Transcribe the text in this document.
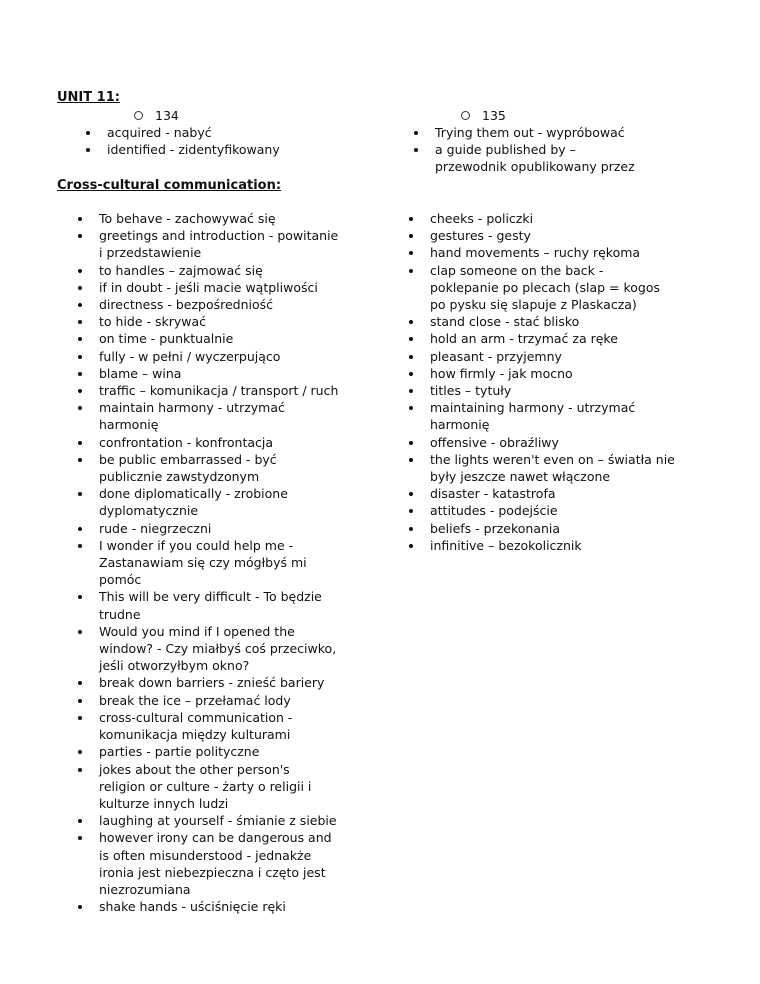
UNIT 11:
134
acquired - nabyć
identified - zidentyfikowany
135
Trying them out - wypróbować
a guide published by – przewodnik opublikowany przez
Cross-cultural communication:
To behave - zachowywać się
greetings and introduction - powitanie i przedstawienie
to handles – zajmować się
if in doubt - jeśli macie wątpliwości
directness - bezpośredniość
to hide - skrywać
on time - punktualnie
fully - w pełni / wyczerpująco
blame – wina
traffic – komunikacja / transport / ruch
maintain harmony - utrzymać harmonię
confrontation - konfrontacja
be public embarrassed - być publicznie zawstydzonym
done diplomatically - zrobione dyplomatycznie
rude - niegrzeczni
I wonder if you could help me - Zastanawiam się czy mógłbyś mi pomóc
This will be very difficult - To będzie trudne
Would you mind if I opened the window? - Czy miałbyś coś przeciwko, jeśli otworzyłbym okno?
break down barriers - znieść bariery
break the ice – przełamać lody
cross-cultural communication - komunikacja między kulturami
parties - partie polityczne
jokes about the other person's religion or culture - żarty o religii i kulturze innych ludzi
laughing at yourself - śmianie z siebie
however irony can be dangerous and is often misunderstood - jednakże ironia jest niebezpieczna i częto jest niezrozumiana
shake hands - uściśnięcie ręki
cheeks - policzki
gestures - gesty
hand movements – ruchy rękoma
clap someone on the back - poklepanie po plecach (slap = kogos po pysku się slapuje z Plaskacza)
stand close - stać blisko
hold an arm - trzymać za ręke
pleasant - przyjemny
how firmly - jak mocno
titles – tytuły
maintaining harmony - utrzymać harmonię
offensive - obraźliwy
the lights weren't even on – światła nie były jeszcze nawet włączone
disaster - katastrofa
attitudes - podejście
beliefs - przekonania
infinitive – bezokolicznik
